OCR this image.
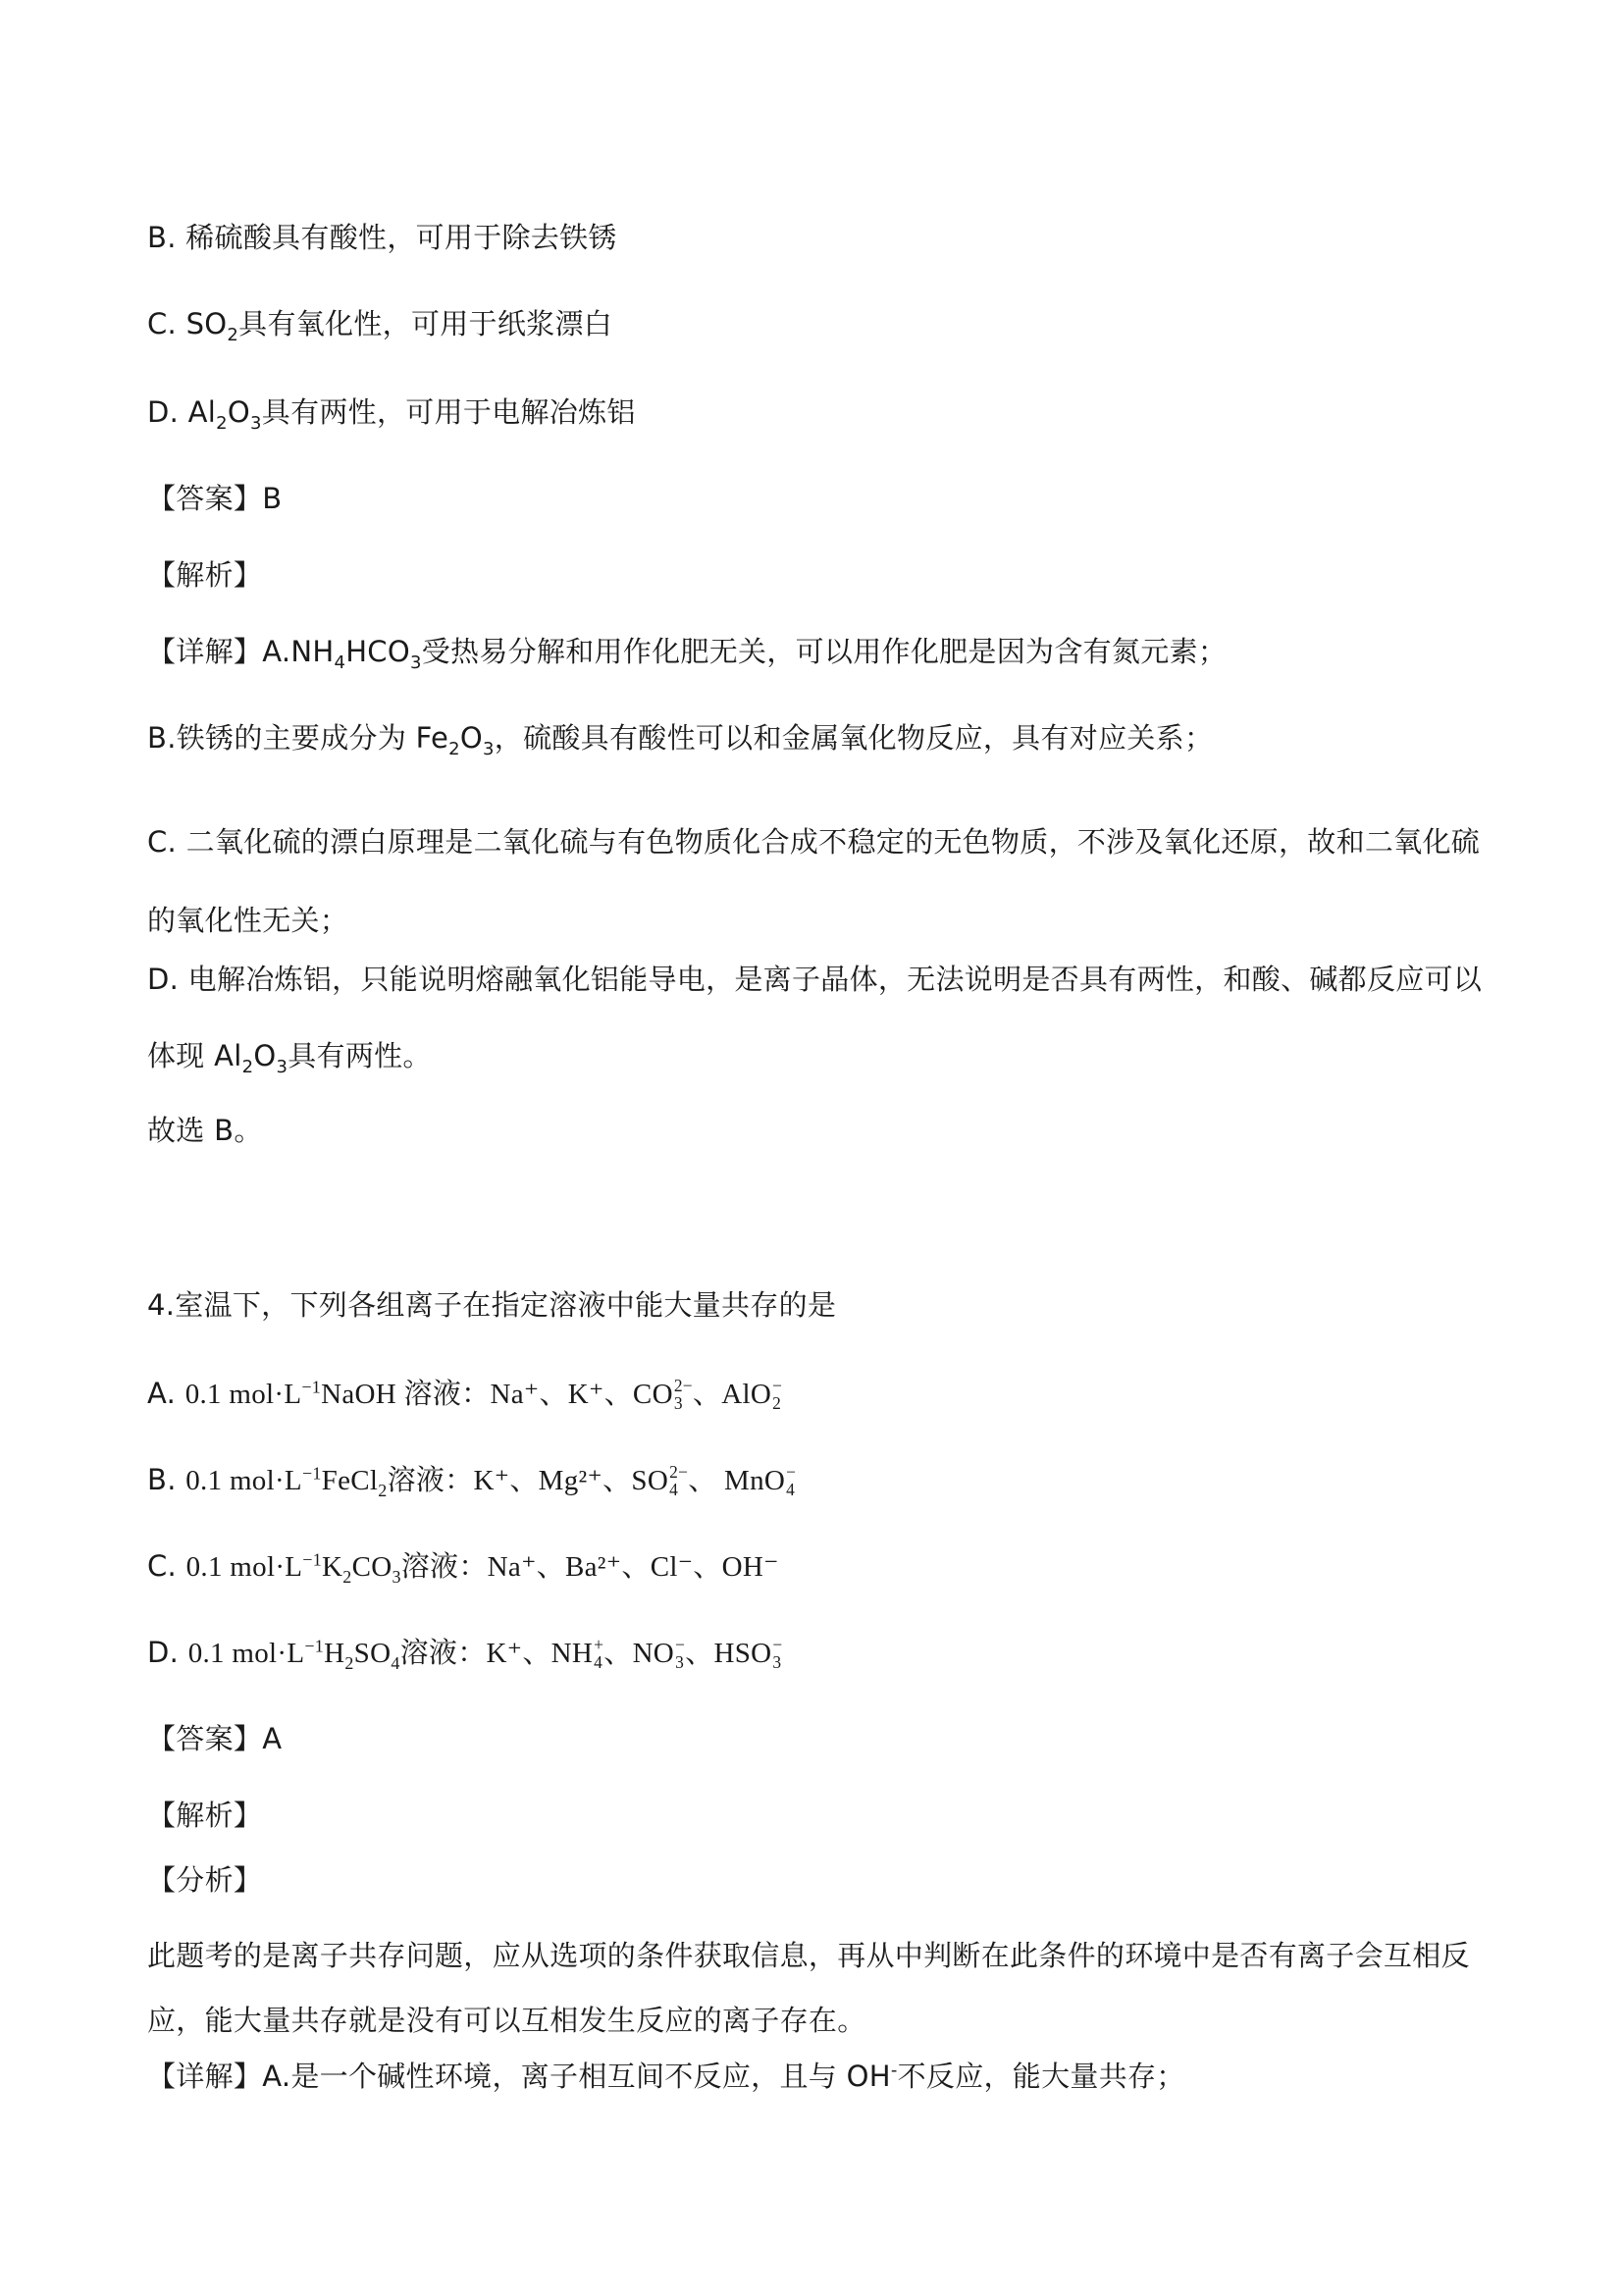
B. 稀硫酸具有酸性，可用于除去铁锈
C. $SO_2$具有氧化性，可用于纸浆漂白
D. $Al_2O_3$具有两性，可用于电解冶炼铝
【答案】B
【解析】
【详解】$A.NH_4HCO_3$受热易分解和用作化肥无关，可以用作化肥是因为含有氮元素；
B.铁锈的主要成分为 $Fe_2O_3$，硫酸具有酸性可以和金属氧化物反应，具有对应关系；
C. 二氧化硫的漂白原理是二氧化硫与有色物质化合成不稳定的无色物质，不涉及氧化还原，故和二氧化硫的氧化性无关；
D. 电解冶炼铝，只能说明熔融氧化铝能导电，是离子晶体，无法说明是否具有两性，和酸、碱都反应可以
体现 $Al_2O_3$具有两性。
故选 B。
4.室温下，下列各组离子在指定溶液中能大量共存的是
A. 0.1 $mol\cdot L^{-1}NaOH$ 溶液：Na⁺、K⁺、CO 2−
3 、AlO −
2
B. 0.1 $mol\cdot L^{-1}FeCl_2$溶液：K⁺、Mg²⁺、SO 2−
4 、 MnO −
4
C. 0.1 $mol\cdot L^{-1}K_2CO_3$溶液：Na⁺、Ba²⁺、Cl⁻、OH⁻
D. 0.1 $mol\cdot L^{-1}H_2SO_4$溶液：K⁺、NH +
4 、NO −
3 、HSO −
3
【答案】A
【解析】
【分析】
此题考的是离子共存问题，应从选项的条件获取信息，再从中判断在此条件的环境中是否有离子会互相反应，能大量共存就是没有可以互相发生反应的离子存在。
【详解】A.是一个碱性环境，离子相互间不反应，且与 OH-不反应，能大量共存；
